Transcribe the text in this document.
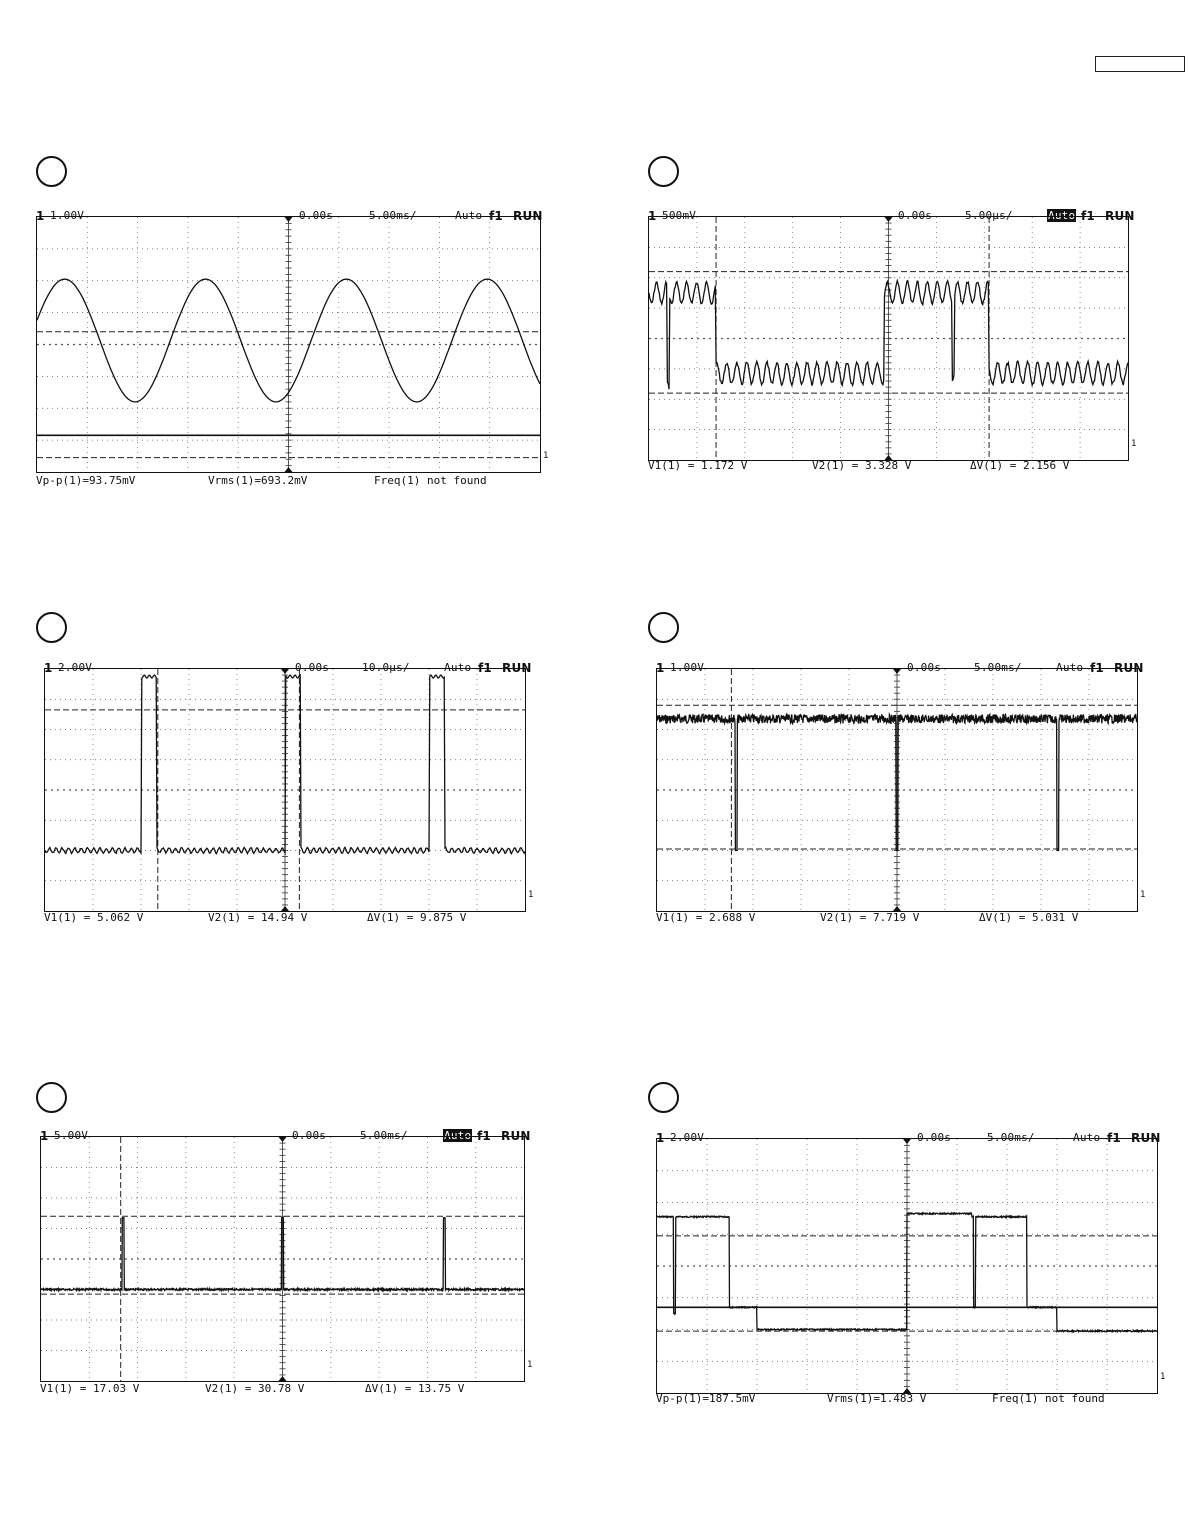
1 1.00V	0.00s	5.00ms/	Auto f1 RUN
1
Vp-p(1)=93.75mV	Vrms(1)=693.2mV	Freq(1) not found
1 500mV	0.00s	5.00µs/	Auto f1 RUN
1
V1(1) = 1.172 V	V2(1) = 3.328 V	ΔV(1) = 2.156 V
1 2.00V	0.00s	10.0µs/	Auto f1 RUN
1
V1(1) = 5.062 V	V2(1) = 14.94 V	ΔV(1) = 9.875 V
1 1.00V	0.00s	5.00ms/	Auto f1 RUN
1
V1(1) = 2.688 V	V2(1) = 7.719 V	ΔV(1) = 5.031 V
1 5.00V	0.00s	5.00ms/	Auto f1 RUN
1
V1(1) = 17.03 V	V2(1) = 30.78 V	ΔV(1) = 13.75 V
1 2.00V	0.00s	5.00ms/	Auto f1 RUN
1
Vp-p(1)=187.5mV	Vrms(1)=1.483 V	Freq(1) not found
